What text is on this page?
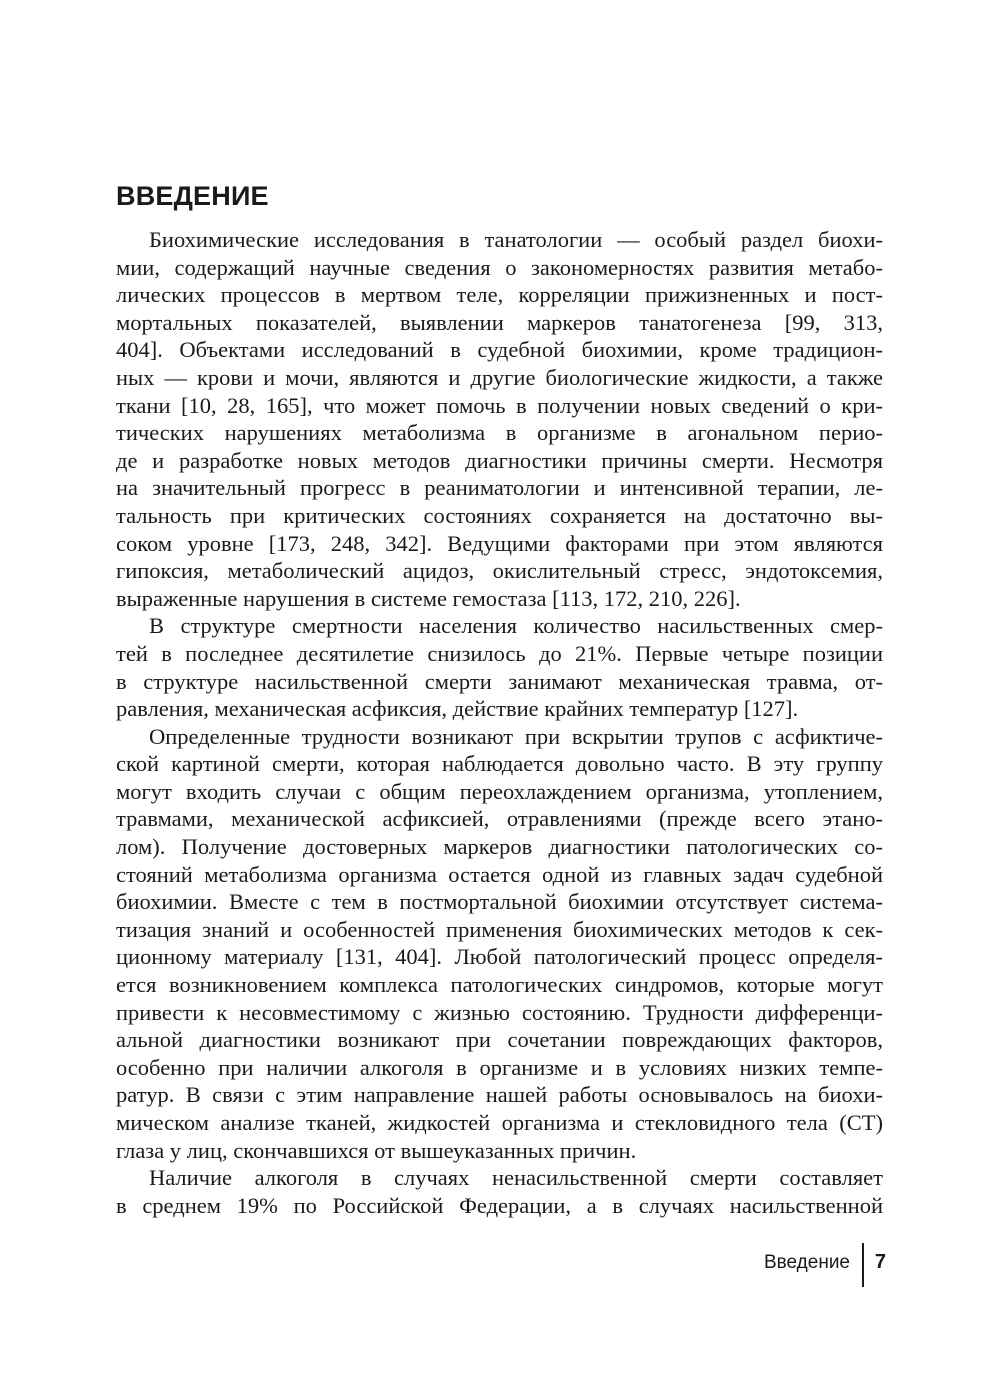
ВВЕДЕНИЕ

Биохимические исследования в танатологии — особый раздел биохи-
мии, содержащий научные сведения о закономерностях развития метабо-
лических процессов в мертвом теле, корреляции прижизненных и пост-
мортальных показателей, выявлении маркеров танатогенеза [99, 313,
404]. Объектами исследований в судебной биохимии, кроме традицион-
ных — крови и мочи, являются и другие биологические жидкости, а также
ткани [10, 28, 165], что может помочь в получении новых сведений о кри-
тических нарушениях метаболизма в организме в агональном перио-
де и разработке новых методов диагностики причины смерти. Несмотря
на значительный прогресс в реаниматологии и интенсивной терапии, ле-
тальность при критических состояниях сохраняется на достаточно вы-
соком уровне [173, 248, 342]. Ведущими факторами при этом являются
гипоксия, метаболический ацидоз, окислительный стресс, эндотоксемия,
выраженные нарушения в системе гемостаза [113, 172, 210, 226].

В структуре смертности населения количество насильственных смер-
тей в последнее десятилетие снизилось до 21%. Первые четыре позиции
в структуре насильственной смерти занимают механическая травма, от-
равления, механическая асфиксия, действие крайних температур [127].

Определенные трудности возникают при вскрытии трупов с асфиктиче-
ской картиной смерти, которая наблюдается довольно часто. В эту группу
могут входить случаи с общим переохлаждением организма, утоплением,
травмами, механической асфиксией, отравлениями (прежде всего этано-
лом). Получение достоверных маркеров диагностики патологических со-
стояний метаболизма организма остается одной из главных задач судебной
биохимии. Вместе с тем в постмортальной биохимии отсутствует система-
тизация знаний и особенностей применения биохимических методов к сек-
ционному материалу [131, 404]. Любой патологический процесс определя-
ется возникновением комплекса патологических синдромов, которые могут
привести к несовместимому с жизнью состоянию. Трудности дифференци-
альной диагностики возникают при сочетании повреждающих факторов,
особенно при наличии алкоголя в организме и в условиях низких темпе-
ратур. В связи с этим направление нашей работы основывалось на биохи-
мическом анализе тканей, жидкостей организма и стекловидного тела (СТ)
глаза у лиц, скончавшихся от вышеуказанных причин.

Наличие алкоголя в случаях ненасильственной смерти составляет
в среднем 19% по Российской Федерации, а в случаях насильственной

Введение 7
